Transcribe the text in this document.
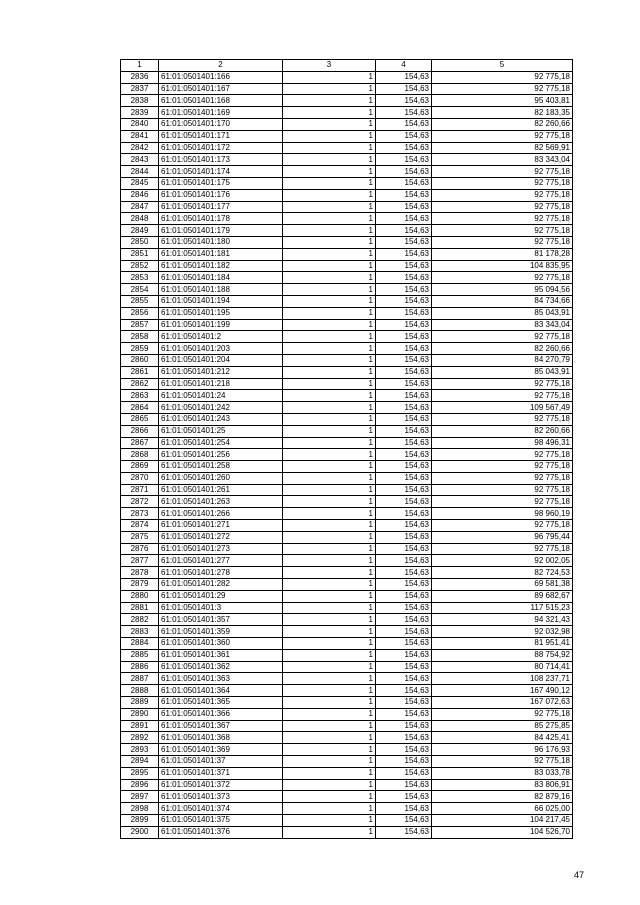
1	2	3	4	5
2836	61:01:0501401:166	1	154,63	92 775,18
2837	61:01:0501401:167	1	154,63	92 775,18
2838	61:01:0501401:168	1	154,63	95 403,81
2839	61:01:0501401:169	1	154,63	82 183,35
2840	61:01:0501401:170	1	154,63	82 260,66
2841	61:01:0501401:171	1	154,63	92 775,18
2842	61:01:0501401:172	1	154,63	82 569,91
2843	61:01:0501401:173	1	154,63	83 343,04
2844	61:01:0501401:174	1	154,63	92 775,18
2845	61:01:0501401:175	1	154,63	92 775,18
2846	61:01:0501401:176	1	154,63	92 775,18
2847	61:01:0501401:177	1	154,63	92 775,18
2848	61:01:0501401:178	1	154,63	92 775,18
2849	61:01:0501401:179	1	154,63	92 775,18
2850	61:01:0501401:180	1	154,63	92 775,18
2851	61:01:0501401:181	1	154,63	81 178,28
2852	61:01:0501401:182	1	154,63	104 835,95
2853	61:01:0501401:184	1	154,63	92 775,18
2854	61:01:0501401:188	1	154,63	95 094,56
2855	61:01:0501401:194	1	154,63	84 734,66
2856	61:01:0501401:195	1	154,63	85 043,91
2857	61:01:0501401:199	1	154,63	83 343,04
2858	61:01:0501401:2	1	154,63	92 775,18
2859	61:01:0501401:203	1	154,63	82 260,66
2860	61:01:0501401:204	1	154,63	84 270,79
2861	61:01:0501401:212	1	154,63	85 043,91
2862	61:01:0501401:218	1	154,63	92 775,18
2863	61:01:0501401:24	1	154,63	92 775,18
2864	61:01:0501401:242	1	154,63	109 567,49
2865	61:01:0501401:243	1	154,63	92 775,18
2866	61:01:0501401:25	1	154,63	82 260,66
2867	61:01:0501401:254	1	154,63	98 496,31
2868	61:01:0501401:256	1	154,63	92 775,18
2869	61:01:0501401:258	1	154,63	92 775,18
2870	61:01:0501401:260	1	154,63	92 775,18
2871	61:01:0501401:261	1	154,63	92 775,18
2872	61:01:0501401:263	1	154,63	92 775,18
2873	61:01:0501401:266	1	154,63	98 960,19
2874	61:01:0501401:271	1	154,63	92 775,18
2875	61:01:0501401:272	1	154,63	96 795,44
2876	61:01:0501401:273	1	154,63	92 775,18
2877	61:01:0501401:277	1	154,63	92 002,05
2878	61:01:0501401:278	1	154,63	82 724,53
2879	61:01:0501401:282	1	154,63	69 581,38
2880	61:01:0501401:29	1	154,63	89 682,67
2881	61:01:0501401:3	1	154,63	117 515,23
2882	61:01:0501401:357	1	154,63	94 321,43
2883	61:01:0501401:359	1	154,63	92 032,98
2884	61:01:0501401:360	1	154,63	81 951,41
2885	61:01:0501401:361	1	154,63	88 754,92
2886	61:01:0501401:362	1	154,63	80 714,41
2887	61:01:0501401:363	1	154,63	108 237,71
2888	61:01:0501401:364	1	154,63	167 490,12
2889	61:01:0501401:365	1	154,63	167 072,63
2890	61:01:0501401:366	1	154,63	92 775,18
2891	61:01:0501401:367	1	154,63	85 275,85
2892	61:01:0501401:368	1	154,63	84 425,41
2893	61:01:0501401:369	1	154,63	96 176,93
2894	61:01:0501401:37	1	154,63	92 775,18
2895	61:01:0501401:371	1	154,63	83 033,78
2896	61:01:0501401:372	1	154,63	83 806,91
2897	61:01:0501401:373	1	154,63	82 879,16
2898	61:01:0501401:374	1	154,63	66 025,00
2899	61:01:0501401:375	1	154,63	104 217,45
2900	61:01:0501401:376	1	154,63	104 526,70
47
